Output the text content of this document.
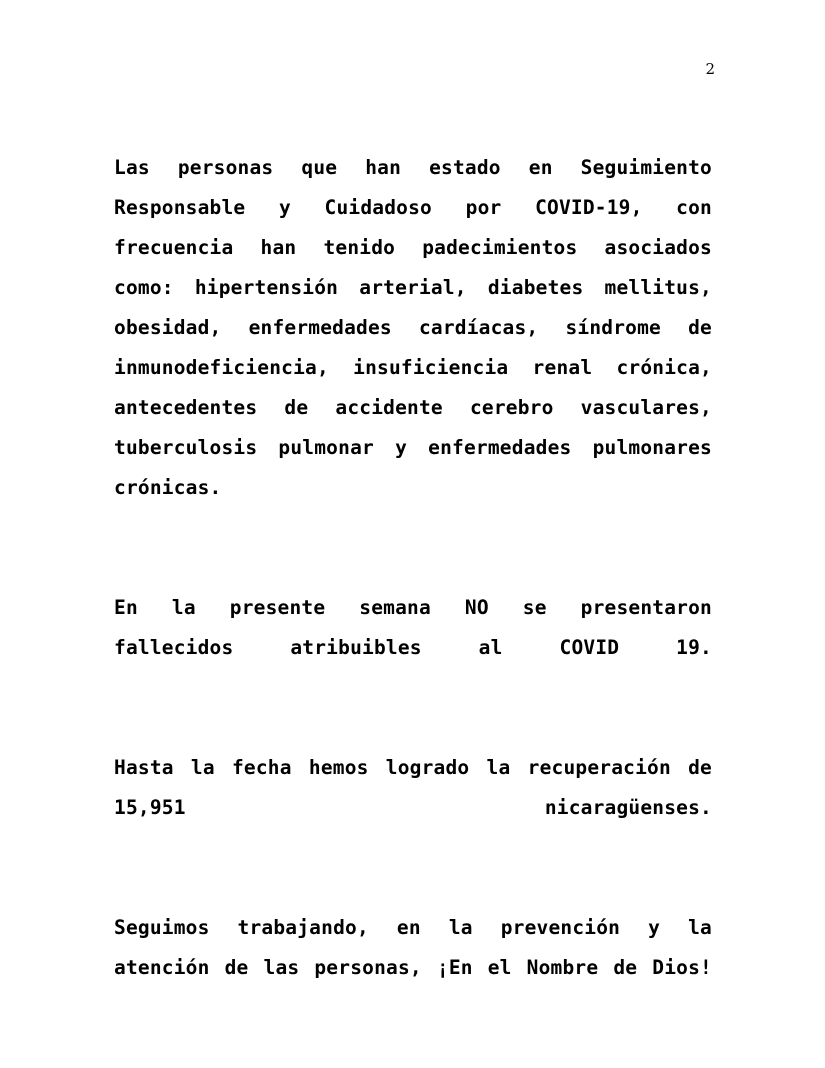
2

Las personas que han estado en Seguimiento Responsable y Cuidadoso por COVID-19, con frecuencia han tenido padecimientos asociados como: hipertensión arterial, diabetes mellitus, obesidad, enfermedades cardíacas, síndrome de inmunodeficiencia, insuficiencia renal crónica, antecedentes de accidente cerebro vasculares, tuberculosis pulmonar y enfermedades pulmonares crónicas.

En la presente semana NO se presentaron fallecidos atribuibles al COVID 19.

Hasta la fecha hemos logrado la recuperación de 15,951 nicaragüenses.

Seguimos trabajando, en la prevención y la atención de las personas, ¡En el Nombre de Dios!
